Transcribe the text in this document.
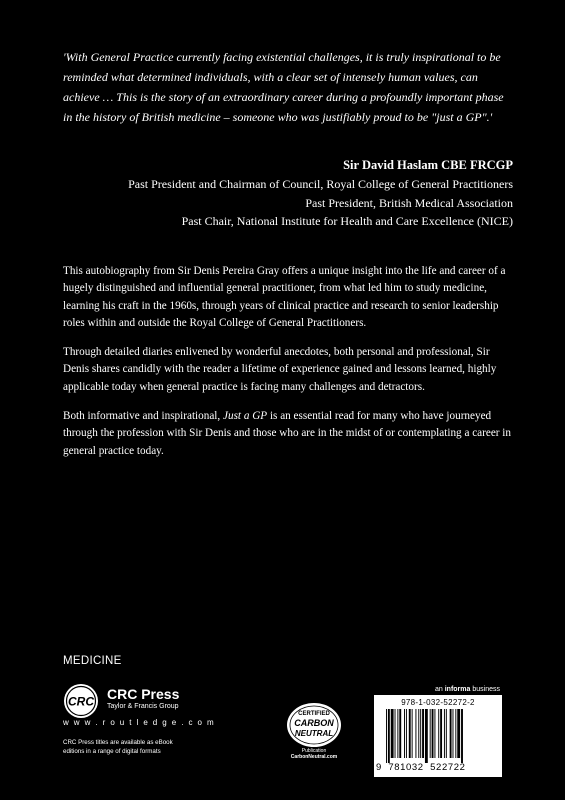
'With General Practice currently facing existential challenges, it is truly inspirational to be reminded what determined individuals, with a clear set of intensely human values, can achieve … This is the story of an extraordinary career during a profoundly important phase in the history of British medicine – someone who was justifiably proud to be "just a GP".'

Sir David Haslam CBE FRCGP
Past President and Chairman of Council, Royal College of General Practitioners
Past President, British Medical Association
Past Chair, National Institute for Health and Care Excellence (NICE)

This autobiography from Sir Denis Pereira Gray offers a unique insight into the life and career of a hugely distinguished and influential general practitioner, from what led him to study medicine, learning his craft in the 1960s, through years of clinical practice and research to senior leadership roles within and outside the Royal College of General Practitioners.

Through detailed diaries enlivened by wonderful anecdotes, both personal and professional, Sir Denis shares candidly with the reader a lifetime of experience gained and lessons learned, highly applicable today when general practice is facing many challenges and detractors.

Both informative and inspirational, Just a GP is an essential read for many who have journeyed through the profession with Sir Denis and those who are in the midst of or contemplating a career in general practice today.

MEDICINE
CRC CRC Press
Taylor & Francis Group
w w w . r o u t l e d g e . c o m
CRC Press titles are available as eBook editions in a range of digital formats
CERTIFIED
CARBON
NEUTRAL
Publication
CarbonNeutral.com
an informa business
978-1-032-52272-2
9 781032 522722
